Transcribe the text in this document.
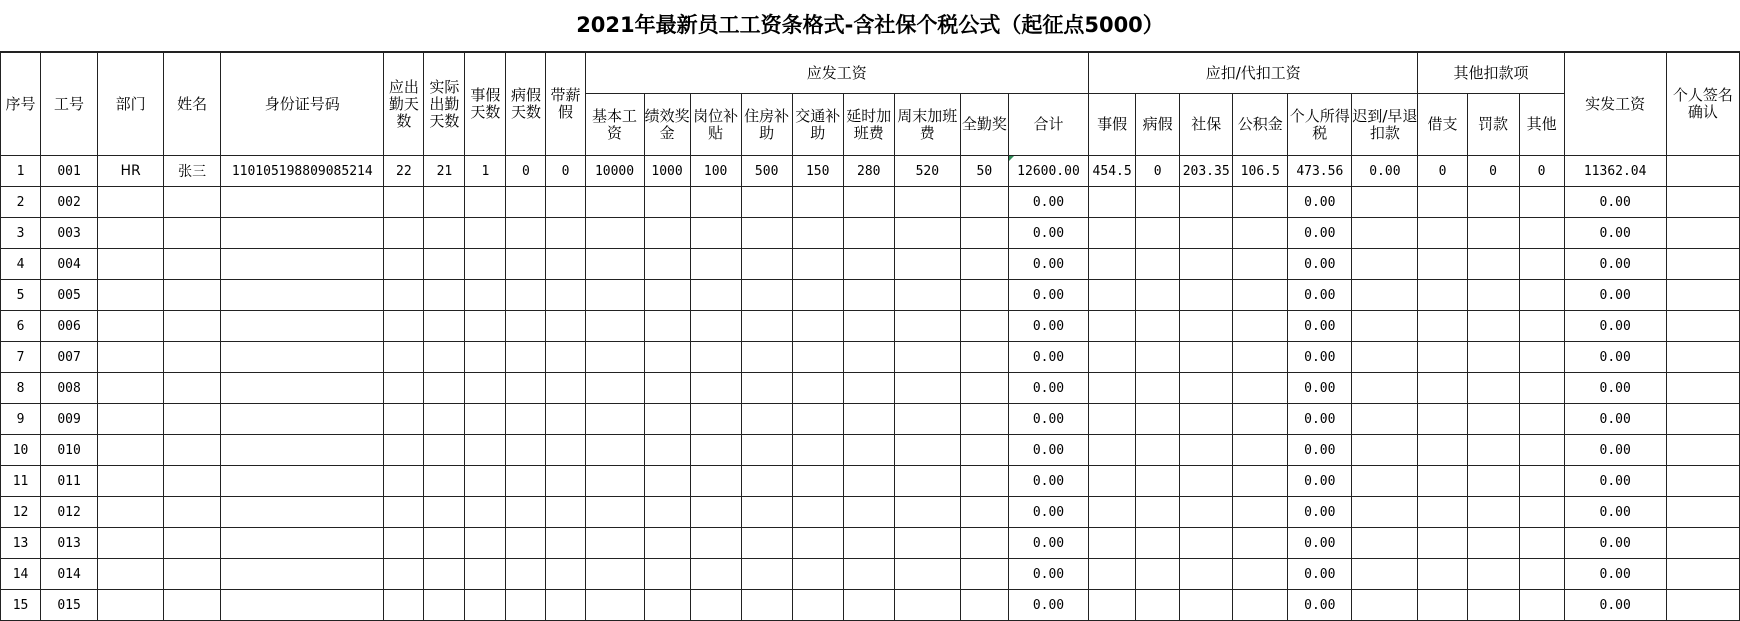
2021年最新员工工资条格式-含社保个税公式（起征点5000）
序号	工号	部门	姓名	身份证号码	应出勤天数	实际出勤天数	事假天数	病假天数	带薪假	应发工资									应扣/代扣工资						其他扣款项			实发工资	个人签名确认
										基本工资	绩效奖金	岗位补贴	住房补助	交通补助	延时加班费	周末加班费	全勤奖	合计	事假	病假	社保	公积金	个人所得税	迟到/早退扣款	借支	罚款	其他		
1	001	HR	张三	110105198809085214	22	21	1	0	0	10000	1000	100	500	150	280	520	50	12600.00	454.5	0	203.35	106.5	473.56	0.00	0	0	0	11362.04	
2	002																	0.00					0.00					0.00	
3	003																	0.00					0.00					0.00	
4	004																	0.00					0.00					0.00	
5	005																	0.00					0.00					0.00	
6	006																	0.00					0.00					0.00	
7	007																	0.00					0.00					0.00	
8	008																	0.00					0.00					0.00	
9	009																	0.00					0.00					0.00	
10	010																	0.00					0.00					0.00	
11	011																	0.00					0.00					0.00	
12	012																	0.00					0.00					0.00	
13	013																	0.00					0.00					0.00	
14	014																	0.00					0.00					0.00	
15	015																	0.00					0.00					0.00	
